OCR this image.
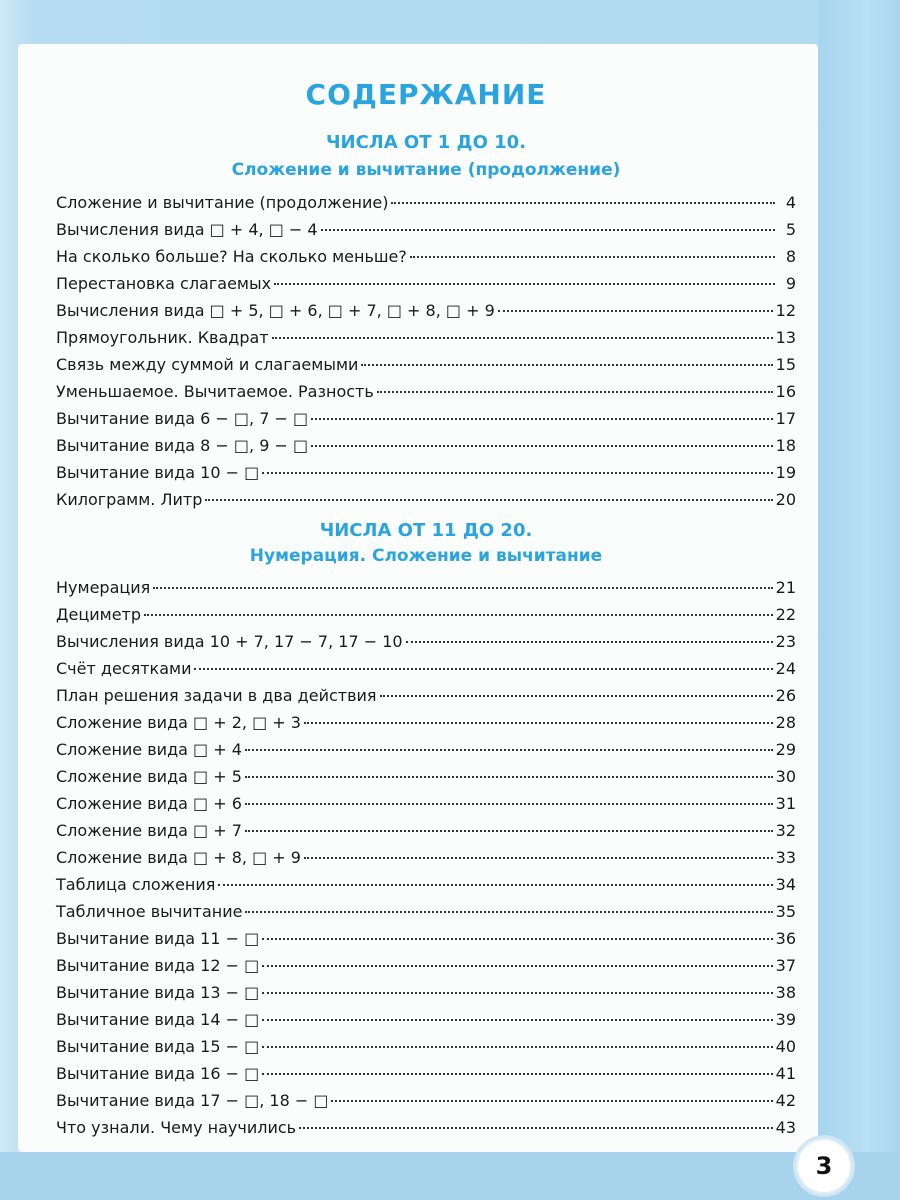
СОДЕРЖАНИЕ
ЧИСЛА ОТ 1 ДО 10.
Сложение и вычитание (продолжение)
Сложение и вычитание (продолжение)	4
Вычисления вида □ + 4, □ − 4	5
На сколько больше? На сколько меньше?	8
Перестановка слагаемых	9
Вычисления вида □ + 5, □ + 6, □ + 7, □ + 8, □ + 9	12
Прямоугольник. Квадрат	13
Связь между суммой и слагаемыми	15
Уменьшаемое. Вычитаемое. Разность	16
Вычитание вида 6 − □, 7 − □	17
Вычитание вида 8 − □, 9 − □	18
Вычитание вида 10 − □	19
Килограмм. Литр	20
ЧИСЛА ОТ 11 ДО 20.
Нумерация. Сложение и вычитание
Нумерация	21
Дециметр	22
Вычисления вида 10 + 7, 17 − 7, 17 − 10	23
Счёт десятками	24
План решения задачи в два действия	26
Сложение вида □ + 2, □ + 3	28
Сложение вида □ + 4	29
Сложение вида □ + 5	30
Сложение вида □ + 6	31
Сложение вида □ + 7	32
Сложение вида □ + 8, □ + 9	33
Таблица сложения	34
Табличное вычитание	35
Вычитание вида 11 − □	36
Вычитание вида 12 − □	37
Вычитание вида 13 − □	38
Вычитание вида 14 − □	39
Вычитание вида 15 − □	40
Вычитание вида 16 − □	41
Вычитание вида 17 − □, 18 − □	42
Что узнали. Чему научились	43
3
